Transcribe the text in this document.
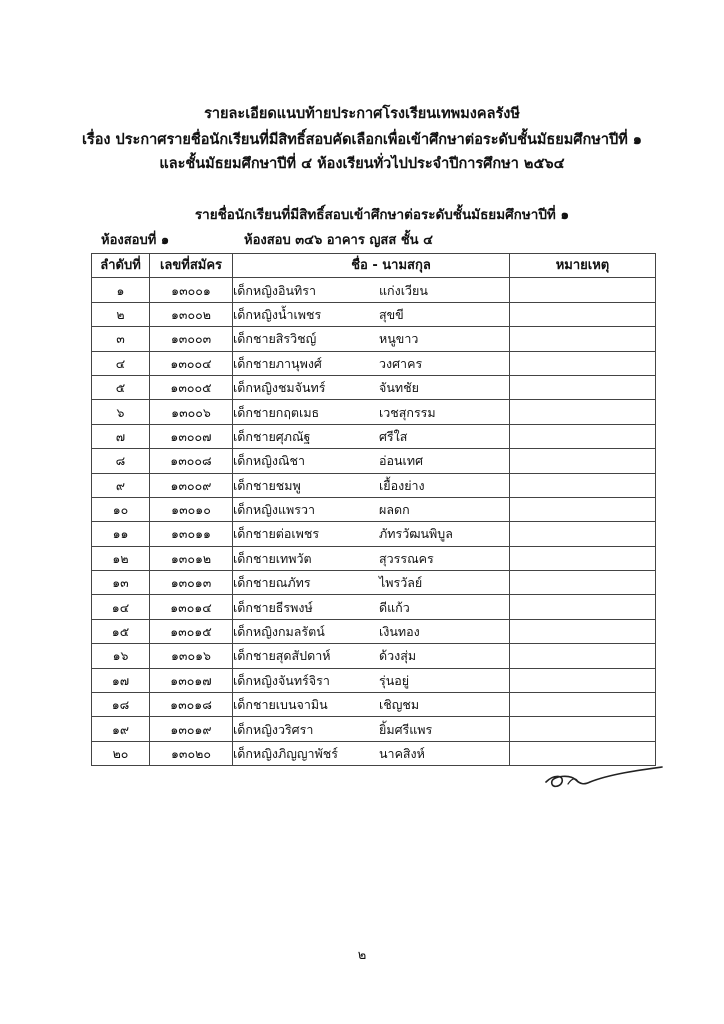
รายละเอียดแนบท้ายประกาศโรงเรียนเทพมงคลรังษี
เรื่อง ประกาศรายชื่อนักเรียนที่มีสิทธิ์สอบคัดเลือกเพื่อเข้าศึกษาต่อระดับชั้นมัธยมศึกษาปีที่ ๑
และชั้นมัธยมศึกษาปีที่ ๔ ห้องเรียนทั่วไปประจำปีการศึกษา ๒๕๖๔
รายชื่อนักเรียนที่มีสิทธิ์สอบเข้าศึกษาต่อระดับชั้นมัธยมศึกษาปีที่ ๑
ห้องสอบที่ ๑	ห้องสอบ ๓๔๖ อาคาร ญสส ชั้น ๔
ลำดับที่	เลขที่สมัคร	ชื่อ - นามสกุล	หมายเหตุ
๑	๑๓๐๐๑	เด็กหญิงอินทิรา แก่งเวียน	
๒	๑๓๐๐๒	เด็กหญิงน้ำเพชร สุขขี	
๓	๑๓๐๐๓	เด็กชายสิรวิชญ์ หนูขาว	
๔	๑๓๐๐๔	เด็กชายภานุพงศ์ วงศาคร	
๕	๑๓๐๐๕	เด็กหญิงชมจันทร์ จันทชัย	
๖	๑๓๐๐๖	เด็กชายกฤตเมธ เวชสุกรรม	
๗	๑๓๐๐๗	เด็กชายศุภณัฐ ศรีใส	
๘	๑๓๐๐๘	เด็กหญิงณิชา อ่อนเทศ	
๙	๑๓๐๐๙	เด็กชายชมพู เยื้องย่าง	
๑๐	๑๓๐๑๐	เด็กหญิงแพรวา ผลดก	
๑๑	๑๓๐๑๑	เด็กชายต่อเพชร ภัทรวัฒนพิบูล	
๑๒	๑๓๐๑๒	เด็กชายเทพวัต สุวรรณคร	
๑๓	๑๓๐๑๓	เด็กชายณภัทร ไพรวัลย์	
๑๔	๑๓๐๑๔	เด็กชายธีรพงษ์ ดีแก้ว	
๑๕	๑๓๐๑๕	เด็กหญิงกมลรัตน์ เงินทอง	
๑๖	๑๓๐๑๖	เด็กชายสุดสัปดาห์ ด้วงสุ่ม	
๑๗	๑๓๐๑๗	เด็กหญิงจันทร์จิรา รุ่นอยู่	
๑๘	๑๓๐๑๘	เด็กชายเบนจามิน เชิญชม	
๑๙	๑๓๐๑๙	เด็กหญิงวริศรา ยิ้มศรีแพร	
๒๐	๑๓๐๒๐	เด็กหญิงภิญญาพัชร์ นาคสิงห์	
๒
